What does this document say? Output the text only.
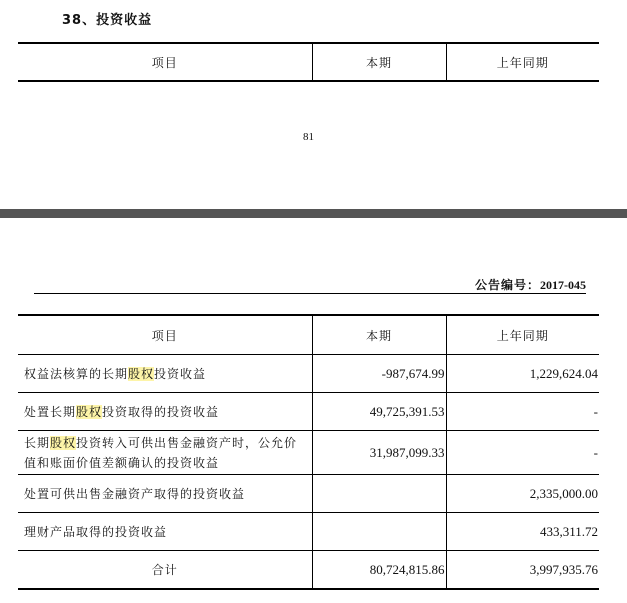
38、投资收益
项目	本期	上年同期
81
公告编号：2017-045
项目	本期	上年同期
权益法核算的长期股权投资收益	-987,674.99	1,229,624.04
处置长期股权投资取得的投资收益	49,725,391.53	-
长期股权投资转入可供出售金融资产时，公允价值和账面价值差额确认的投资收益	31,987,099.33	-
处置可供出售金融资产取得的投资收益		2,335,000.00
理财产品取得的投资收益		433,311.72
合计	80,724,815.86	3,997,935.76
